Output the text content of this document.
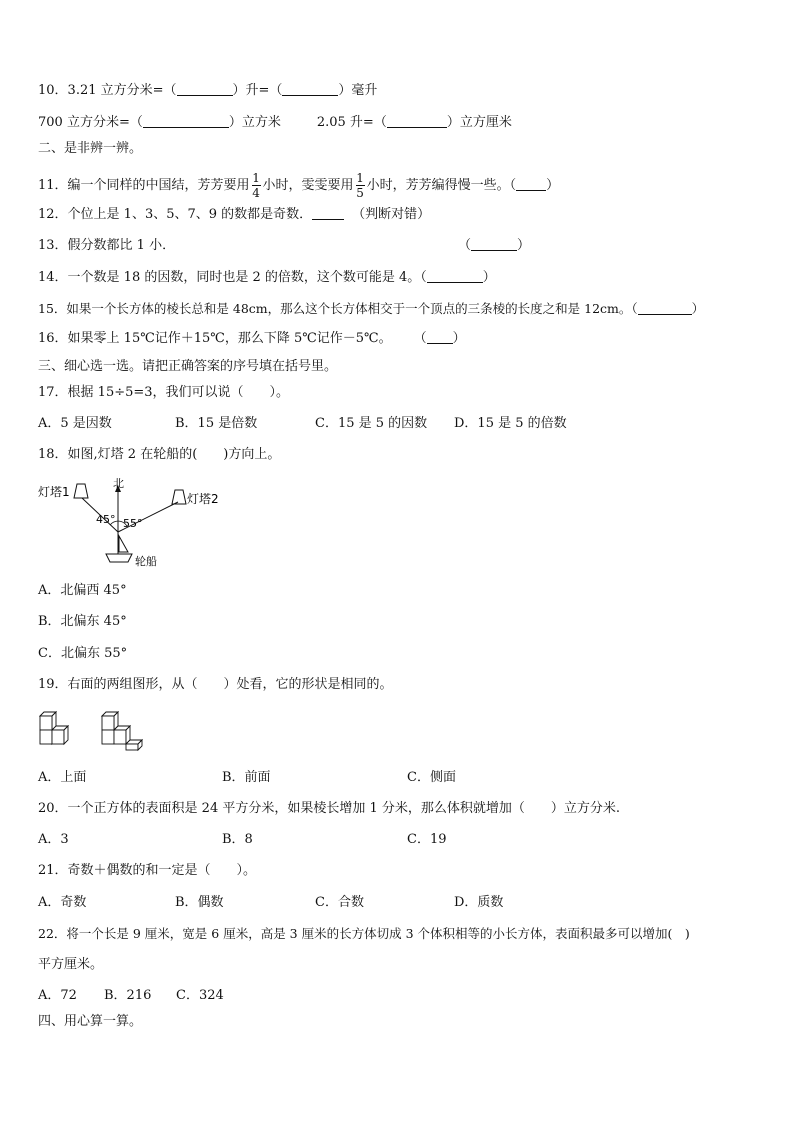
10．3.21 立方分米=（	）升=（	）毫升
700 立方分米=（	）立方米	2.05 升=（	）立方厘米
二、是非辨一辨。
11．编一个同样的中国结，芳芳要用 $\frac{1}{4}$ 小时，雯雯要用 $\frac{1}{5}$ 小时，芳芳编得慢一些。（ ）
12．个位上是 1、3、5、7、9 的数都是奇数．	（判断对错）
13．假分数都比 1 小．	（	）
14．一个数是 18 的因数，同时也是 2 的倍数，这个数可能是 4。（	）
15．如果一个长方体的棱长总和是 48cm，那么这个长方体相交于一个顶点的三条棱的长度之和是 12cm。（	）
16．如果零上 15℃记作＋15℃，那么下降 5℃记作－5℃。 （ ）
三、细心选一选。请把正确答案的序号填在括号里。
17．根据 15÷5=3，我们可以说（　　）。
A．5 是因数	B．15 是倍数	C．15 是 5 的因数 D．15 是 5 的倍数
18．如图,灯塔 2 在轮船的(　　)方向上。
灯塔1	灯塔2
北
45° 55°
轮船
A．北偏西 45°
B．北偏东 45°
C．北偏东 55°
19．右面的两组图形，从（　　）处看，它的形状是相同的。
A．上面	B．前面	C．侧面
20．一个正方体的表面积是 24 平方分米，如果棱长增加 1 分米，那么体积就增加（　　）立方分米.
A．3	B．8	C．19
21．奇数＋偶数的和一定是（　　）。
A．奇数	B．偶数	C．合数	D．质数
22．将一个长是 9 厘米，宽是 6 厘米，高是 3 厘米的长方体切成 3 个体积相等的小长方体，表面积最多可以增加(　)
平方厘米。
A．72 B．216 C．324
四、用心算一算。
